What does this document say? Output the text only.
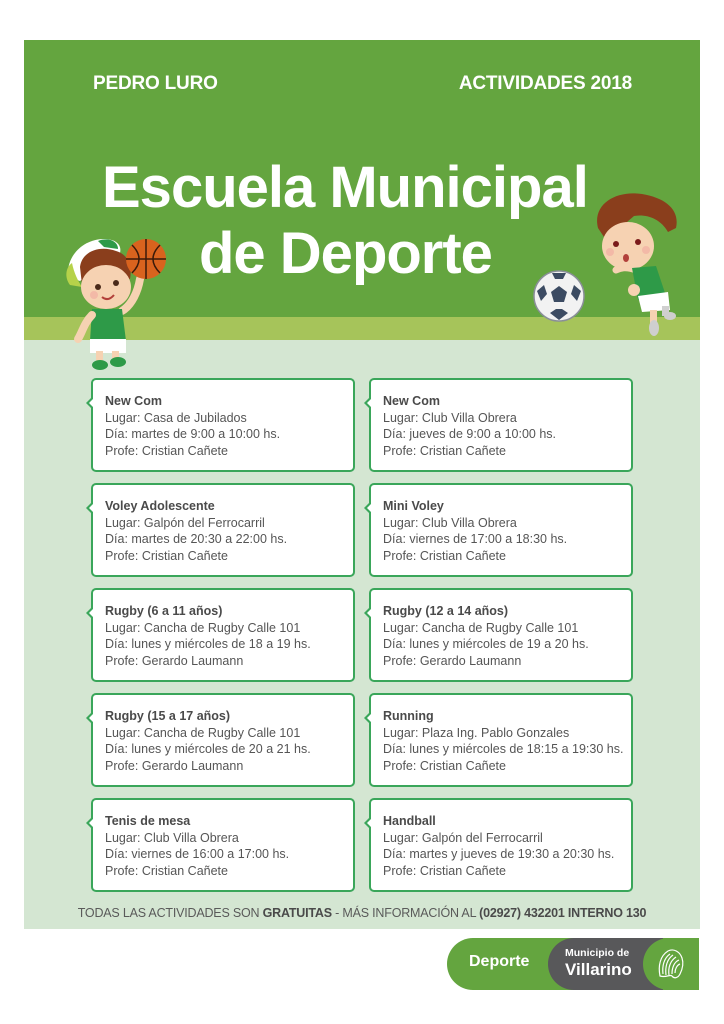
PEDRO LURO	ACTIVIDADES 2018
Escuela Municipal
de Deporte
New Com
Lugar: Casa de Jubilados
Día: martes de 9:00 a 10:00 hs.
Profe: Cristian Cañete
New Com
Lugar: Club Villa Obrera
Día: jueves de 9:00 a 10:00 hs.
Profe: Cristian Cañete
Voley Adolescente
Lugar: Galpón del Ferrocarril
Día: martes de 20:30 a 22:00 hs.
Profe: Cristian Cañete
Mini Voley
Lugar: Club Villa Obrera
Día: viernes de 17:00 a 18:30 hs.
Profe: Cristian Cañete
Rugby (6 a 11 años)
Lugar: Cancha de Rugby Calle 101
Día: lunes y miércoles de 18 a 19 hs.
Profe: Gerardo Laumann
Rugby (12 a 14 años)
Lugar: Cancha de Rugby Calle 101
Día: lunes y miércoles de 19 a 20 hs.
Profe: Gerardo Laumann
Rugby (15 a 17 años)
Lugar: Cancha de Rugby Calle 101
Día: lunes y miércoles de 20 a 21 hs.
Profe: Gerardo Laumann
Running
Lugar: Plaza Ing. Pablo Gonzales
Día: lunes y miércoles de 18:15 a 19:30 hs.
Profe: Cristian Cañete
Tenis de mesa
Lugar: Club Villa Obrera
Día: viernes de 16:00 a 17:00 hs.
Profe: Cristian Cañete
Handball
Lugar: Galpón del Ferrocarril
Día: martes y jueves de 19:30 a 20:30 hs.
Profe: Cristian Cañete
TODAS LAS ACTIVIDADES SON GRATUITAS - MÁS INFORMACIÓN AL (02927) 432201 INTERNO 130
Deporte	Municipio de
Villarino
